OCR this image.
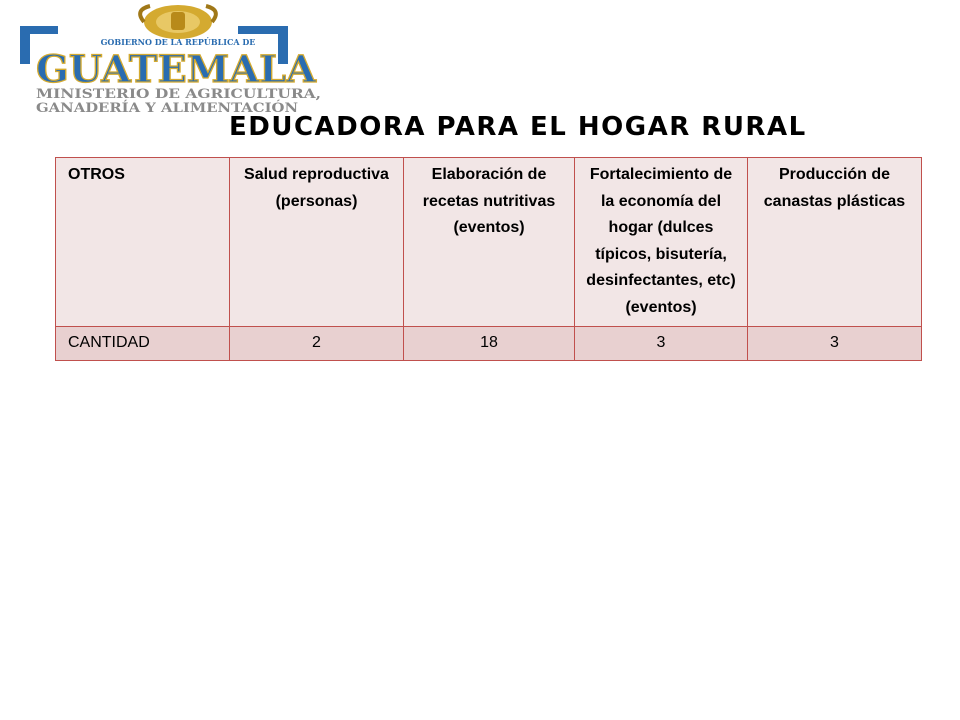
GOBIERNO DE LA REPÚBLICA DE
GUATEMALA
MINISTERIO DE AGRICULTURA,
GANADERÍA Y ALIMENTACIÓN
EDUCADORA PARA EL HOGAR RURAL
OTROS	Salud reproductiva (personas)	Elaboración de recetas nutritivas (eventos)	Fortalecimiento de la economía del hogar (dulces típicos, bisutería, desinfectantes, etc) (eventos)	Producción de canastas plásticas
CANTIDAD	2	18	3	3
